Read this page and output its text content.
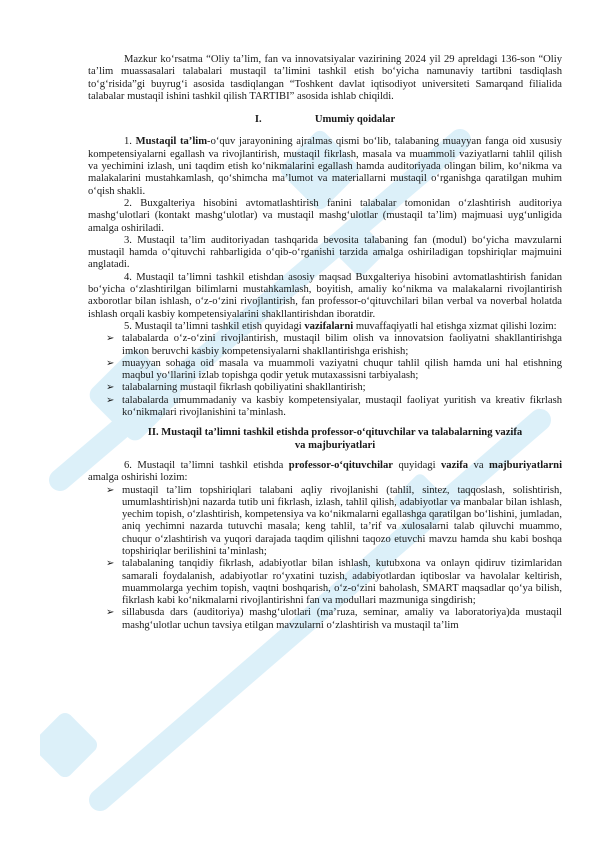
Mazkur ko‘rsatma “Oliy ta’lim, fan va innovatsiyalar vazirining 2024 yil 29 apreldagi 136-son “Oliy ta’lim muassasalari talabalari mustaqil ta’limini tashkil etish bo‘yicha namunaviy tartibni tasdiqlash to‘g‘risida”gi buyrug‘i asosida tasdiqlangan “Toshkent davlat iqtisodiyot universiteti Samarqand filialida talabalar mustaqil ishini tashkil qilish TARTIBI” asosida ishlab chiqildi.

I.	Umumiy qoidalar

1. Mustaqil ta’lim-o‘quv jarayonining ajralmas qismi bo‘lib, talabaning muayyan fanga oid xususiy kompetensiyalarni egallash va rivojlantirish, mustaqil fikrlash, masala va muammoli vaziyatlarni tahlil qilish va yechimini izlash, uni taqdim etish ko‘nikmalarini egallash hamda auditoriyada olingan bilim, ko‘nikma va malakalarini mustahkamlash, qo‘shimcha ma’lumot va materiallarni mustaqil o‘rganishga qaratilgan muhim o‘qish shakli.

2. Buxgalteriya hisobini avtomatlashtirish fanini talabalar tomonidan o‘zlashtirish auditoriya mashg‘ulotlari (kontakt mashg‘ulotlar) va mustaqil mashg‘ulotlar (mustaqil ta’lim) majmuasi uyg‘unligida amalga oshiriladi.

3. Mustaqil ta’lim auditoriyadan tashqarida bevosita talabaning fan (modul) bo‘yicha mavzularni mustaqil hamda o‘qituvchi rahbarligida o‘qib-o‘rganishi tarzida amalga oshiriladigan topshiriqlar majmuini anglatadi.

4. Mustaqil ta’limni tashkil etishdan asosiy maqsad Buxgalteriya hisobini avtomatlashtirish fanidan bo‘yicha o‘zlashtirilgan bilimlarni mustahkamlash, boyitish, amaliy ko‘nikma va malakalarni rivojlantirish axborotlar bilan ishlash, o‘z-o‘zini rivojlantirish, fan professor-o‘qituvchilari bilan verbal va noverbal holatda ishlash orqali kasbiy kompetensiyalarini shakllantirishdan iboratdir.

5. Mustaqil ta’limni tashkil etish quyidagi vazifalarni muvaffaqiyatli hal etishga xizmat qilishi lozim:

➢ talabalarda o‘z-o‘zini rivojlantirish, mustaqil bilim olish va innovatsion faoliyatni shakllantirishga imkon beruvchi kasbiy kompetensiyalarni shakllantirishga erishish;
➢ muayyan sohaga oid masala va muammoli vaziyatni chuqur tahlil qilish hamda uni hal etishning maqbul yo‘llarini izlab topishga qodir yetuk mutaxassisni tarbiyalash;
➢ talabalarning mustaqil fikrlash qobiliyatini shakllantirish;
➢ talabalarda umummadaniy va kasbiy kompetensiyalar, mustaqil faoliyat yuritish va kreativ fikrlash ko‘nikmalari rivojlanishini ta’minlash.

II. Mustaqil ta’limni tashkil etishda professor-o‘qituvchilar va talabalarning vazifa
va majburiyatlari

6. Mustaqil ta’limni tashkil etishda professor-o‘qituvchilar quyidagi vazifa va majburiyatlarni amalga oshirishi lozim:

➢ mustaqil ta’lim topshiriqlari talabani aqliy rivojlanishi (tahlil, sintez, taqqoslash, solishtirish, umumlashtirish)ni nazarda tutib uni fikrlash, izlash, tahlil qilish, adabiyotlar va manbalar bilan ishlash, yechim topish, o‘zlashtirish, kompetensiya va ko‘nikmalarni egallashga qaratilgan bo‘lishini, jumladan, aniq yechimni nazarda tutuvchi masala; keng tahlil, ta’rif va xulosalarni talab qiluvchi muammo, chuqur o‘zlashtirish va yuqori darajada taqdim qilishni taqozo etuvchi mavzu hamda shu kabi boshqa topshiriqlar berilishini ta’minlash;
➢ talabalaning tanqidiy fikrlash, adabiyotlar bilan ishlash, kutubxona va onlayn qidiruv tizimlaridan samarali foydalanish, adabiyotlar ro‘yxatini tuzish, adabiyotlardan iqtiboslar va havolalar keltirish, muammolarga yechim topish, vaqtni boshqarish, o‘z-o‘zini baholash, SMART maqsadlar qo‘ya bilish, fikrlash kabi ko‘nikmalarni rivojlantirishni fan va modullari mazmuniga singdirish;
➢ sillabusda dars (auditoriya) mashg‘ulotlari (ma’ruza, seminar, amaliy va laboratoriya)da mustaqil mashg‘ulotlar uchun tavsiya etilgan mavzularni o‘zlashtirish va mustaqil ta’lim
